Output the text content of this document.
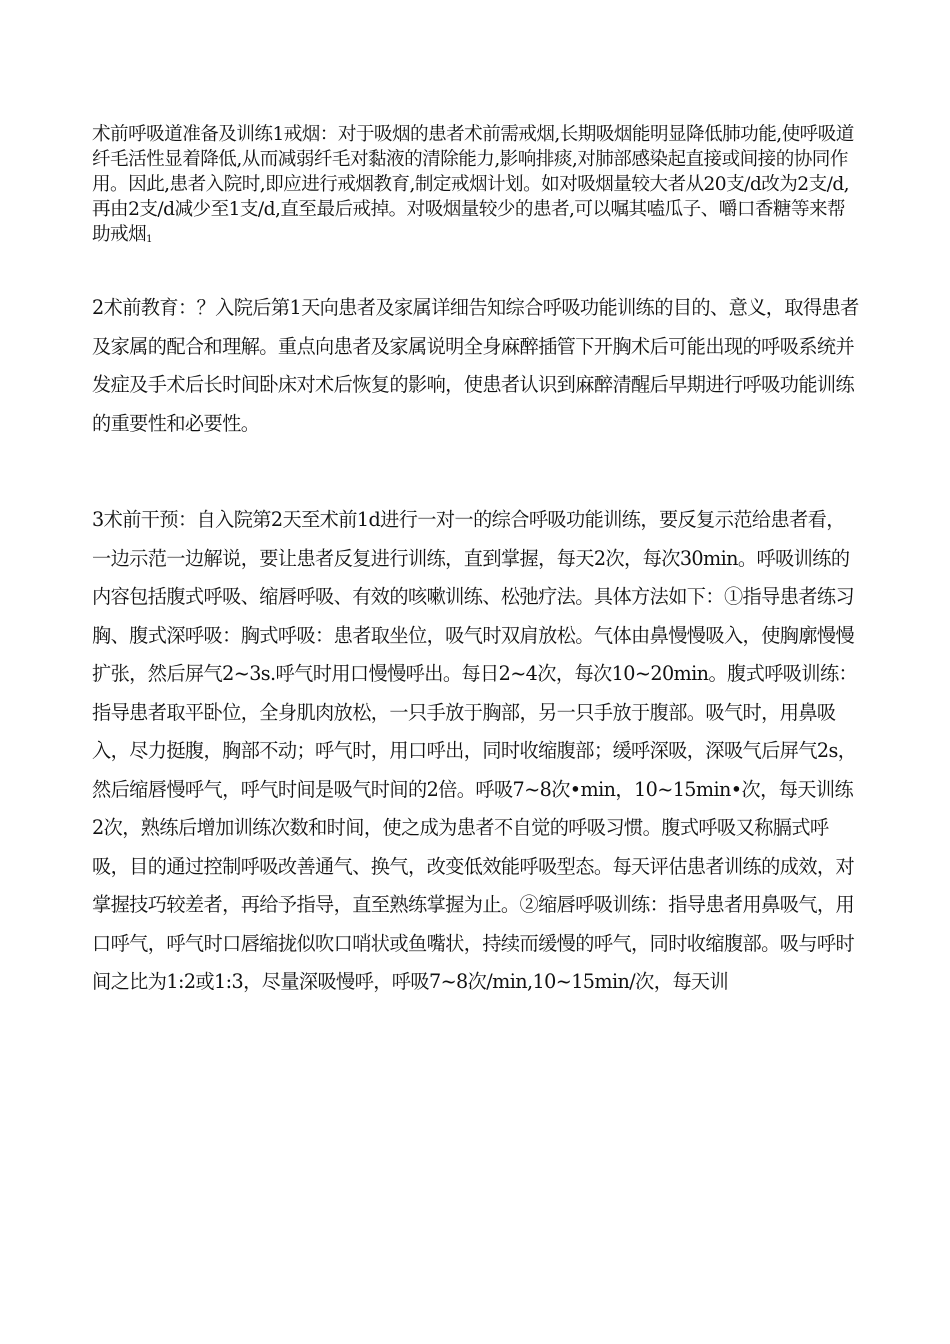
术前呼吸道准备及训练1戒烟：对于吸烟的患者术前需戒烟,长期吸烟能明显降低肺功能,使呼吸道纤毛活性显着降低,从而减弱纤毛对黏液的清除能力,影响排痰,对肺部感染起直接或间接的协同作用。因此,患者入院时,即应进行戒烟教育,制定戒烟计划。如对吸烟量较大者从20支/d改为2支/d,再由2支/d减少至1支/d,直至最后戒掉。对吸烟量较少的患者,可以嘱其嗑瓜子、嚼口香糖等来帮助戒烟$_1$

2术前教育：？入院后第1天向患者及家属详细告知综合呼吸功能训练的目的、意义，取得患者及家属的配合和理解。重点向患者及家属说明全身麻醉插管下开胸术后可能出现的呼吸系统并发症及手术后长时间卧床对术后恢复的影响，使患者认识到麻醉清醒后早期进行呼吸功能训练的重要性和必要性。

3术前干预：自入院第2天至术前1d进行一对一的综合呼吸功能训练，要反复示范给患者看，一边示范一边解说，要让患者反复进行训练，直到掌握，每天2次，每次30min。呼吸训练的内容包括腹式呼吸、缩唇呼吸、有效的咳嗽训练、松弛疗法。具体方法如下：①指导患者练习胸、腹式深呼吸：胸式呼吸：患者取坐位，吸气时双肩放松。气体由鼻慢慢吸入，使胸廓慢慢扩张，然后屏气2~3s.呼气时用口慢慢呼出。每日2~4次，每次10~20min。腹式呼吸训练：指导患者取平卧位，全身肌肉放松，一只手放于胸部，另一只手放于腹部。吸气时，用鼻吸入，尽力挺腹，胸部不动；呼气时，用口呼出，同时收缩腹部；缓呼深吸，深吸气后屏气2s，然后缩唇慢呼气，呼气时间是吸气时间的2倍。呼吸7~8次•min，10~15min•次，每天训练2次，熟练后增加训练次数和时间，使之成为患者不自觉的呼吸习惯。腹式呼吸又称膈式呼吸，目的通过控制呼吸改善通气、换气，改变低效能呼吸型态。每天评估患者训练的成效，对掌握技巧较差者，再给予指导，直至熟练掌握为止。②缩唇呼吸训练：指导患者用鼻吸气，用口呼气，呼气时口唇缩拢似吹口哨状或鱼嘴状，持续而缓慢的呼气，同时收缩腹部。吸与呼时间之比为1:2或1:3，尽量深吸慢呼，呼吸7~8次/min,10~15min/次，每天训
